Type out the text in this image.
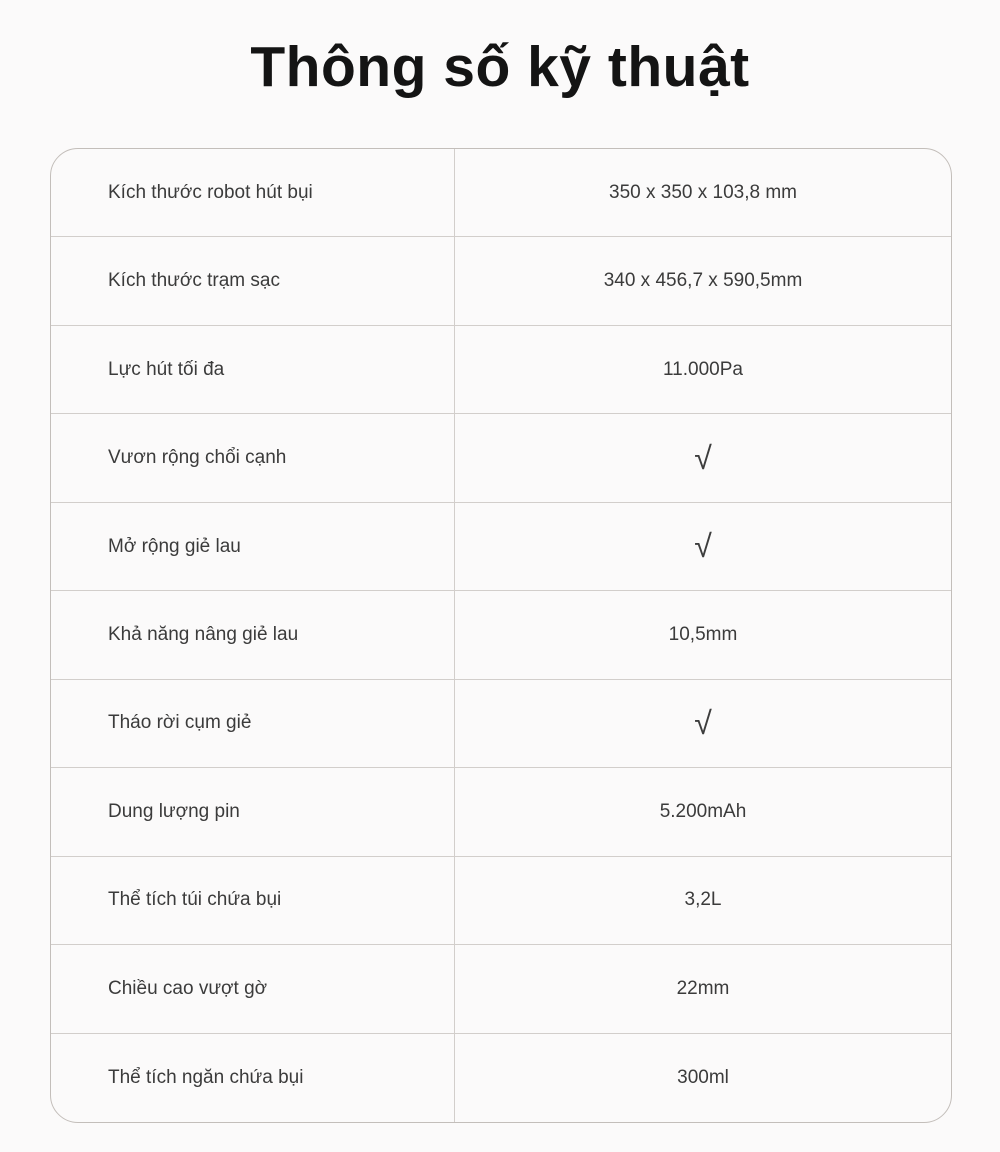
Thông số kỹ thuật
Kích thước robot hút bụi	350 x 350 x 103,8 mm
Kích thước trạm sạc	340 x 456,7 x 590,5mm
Lực hút tối đa	11.000Pa
Vươn rộng chổi cạnh	√
Mở rộng giẻ lau	√
Khả năng nâng giẻ lau	10,5mm
Tháo rời cụm giẻ	√
Dung lượng pin	5.200mAh
Thể tích túi chứa bụi	3,2L
Chiều cao vượt gờ	22mm
Thể tích ngăn chứa bụi	300ml
